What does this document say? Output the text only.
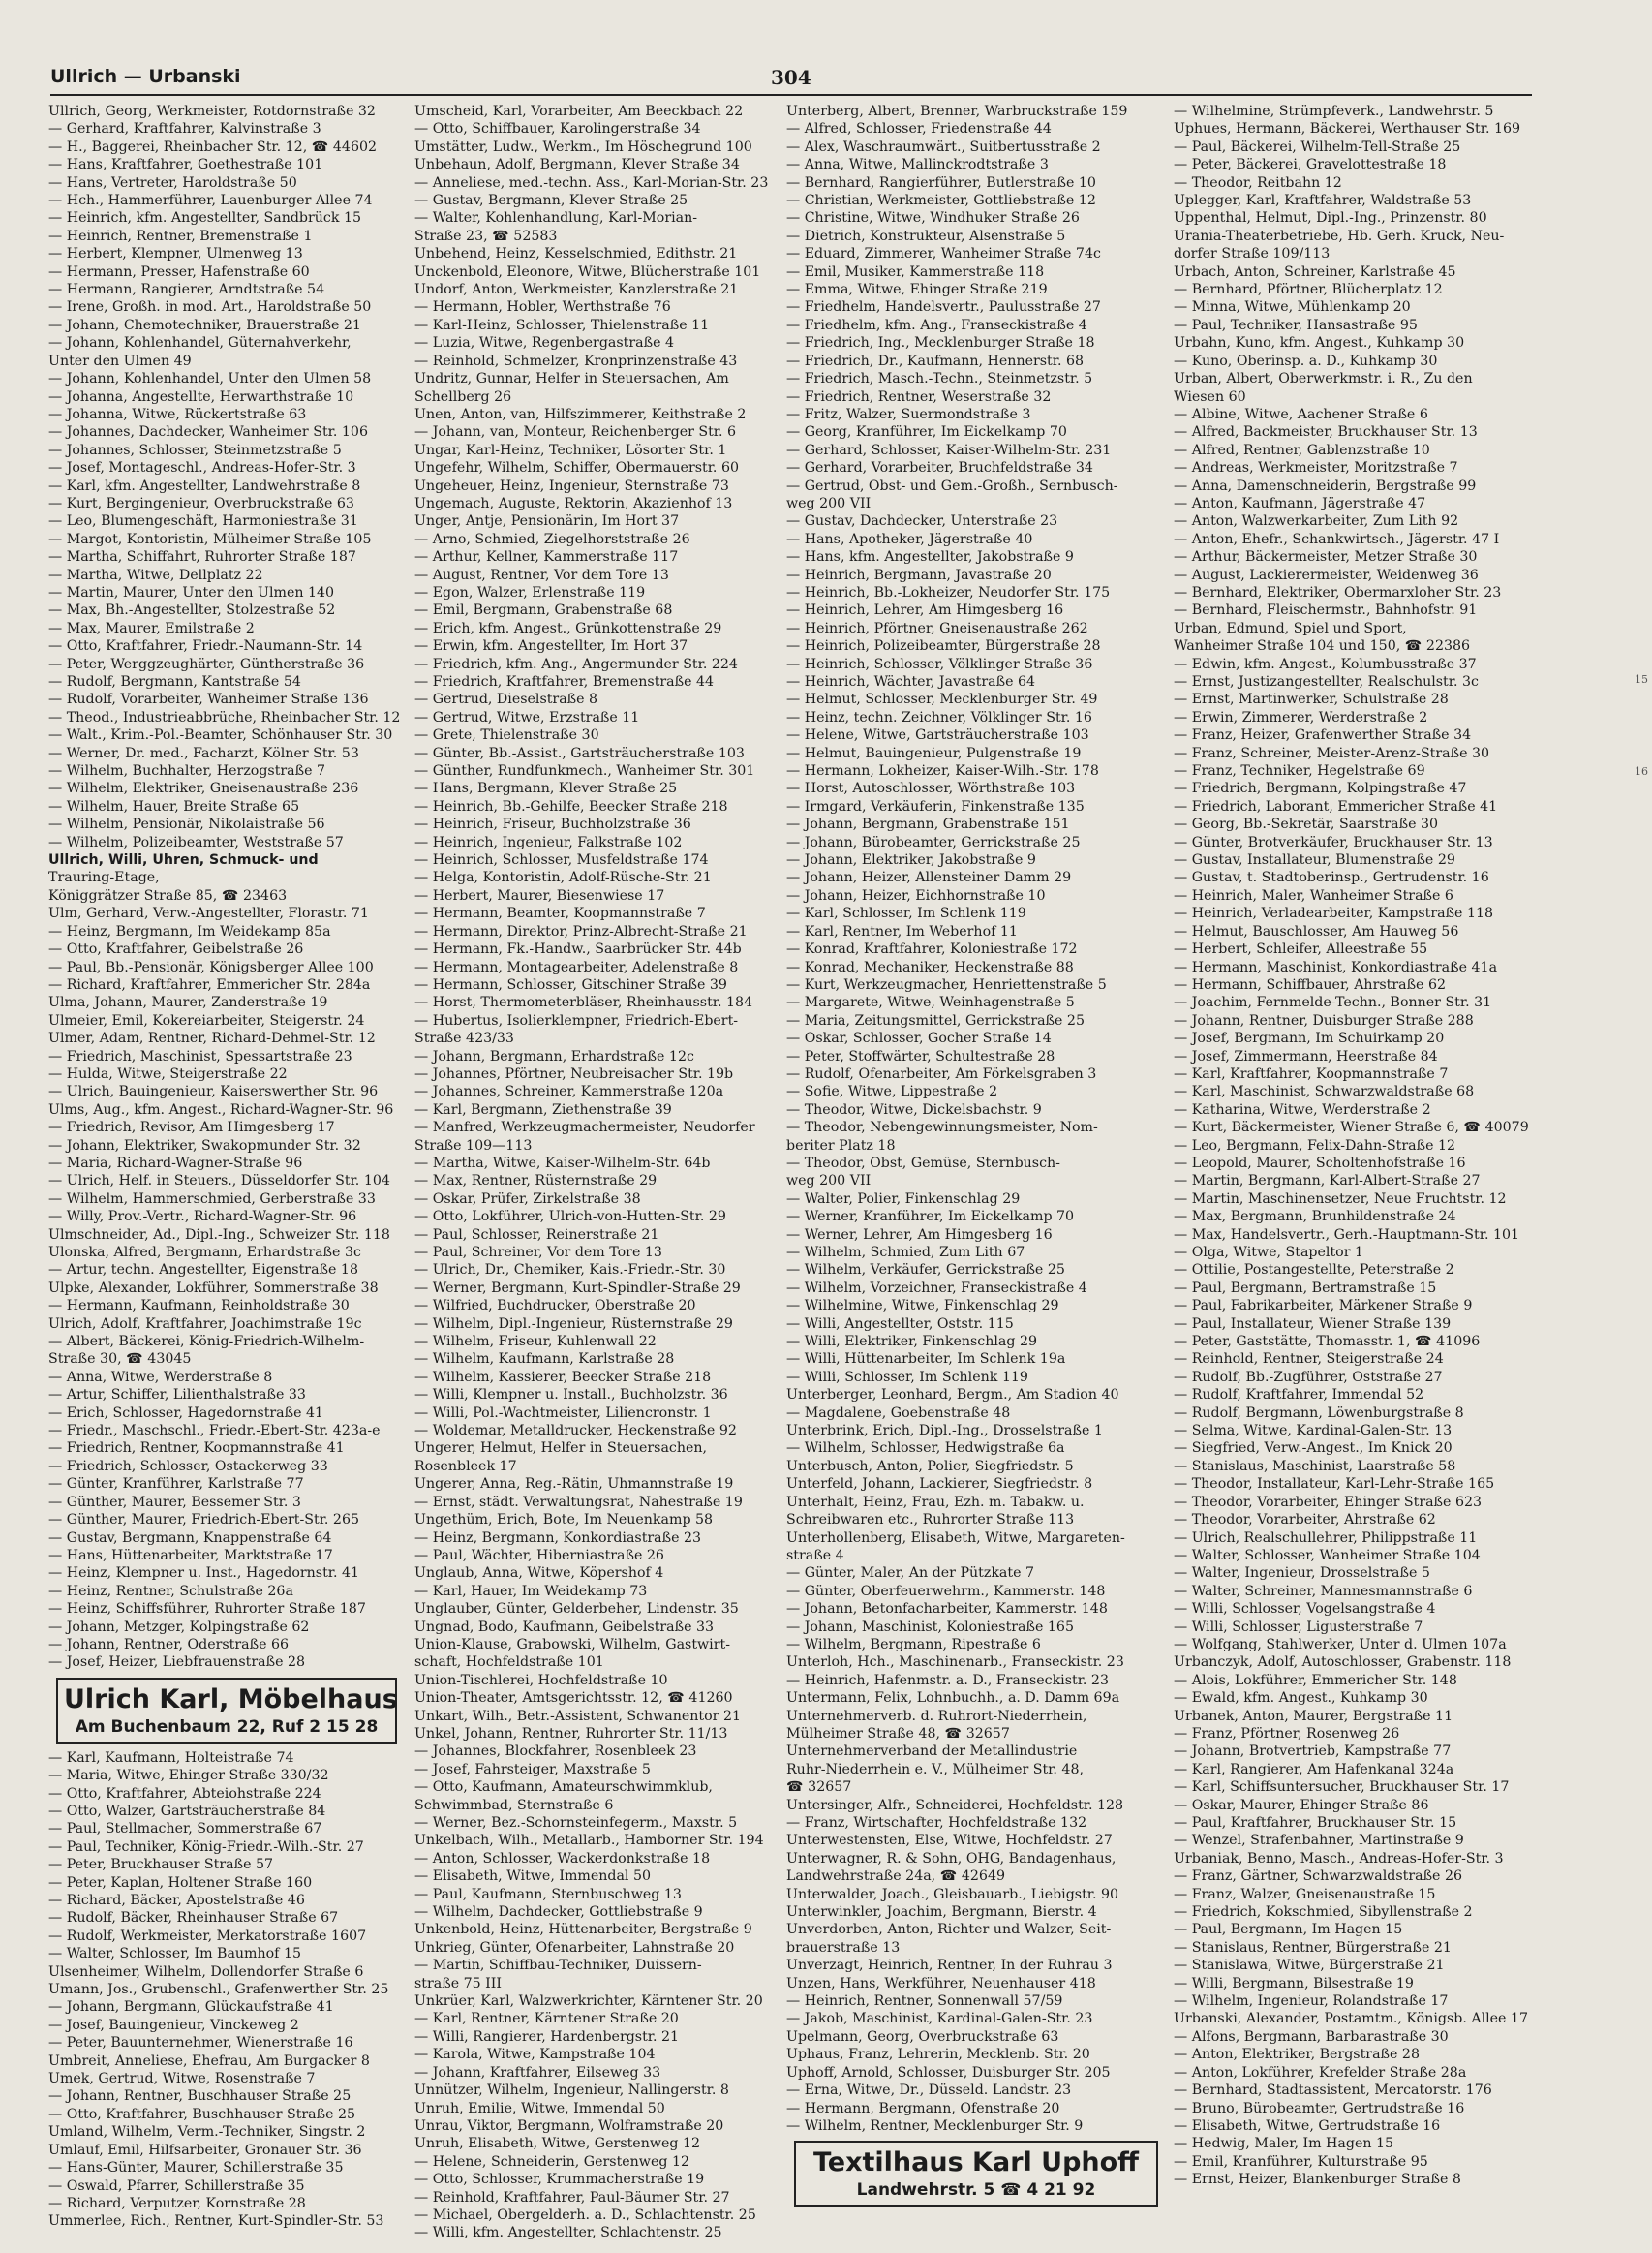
Ullrich — Urbanski	304
Ullrich, Georg, Werkmeister, Rotdornstraße 32
— Gerhard, Kraftfahrer, Kalvinstraße 3
— H., Baggerei, Rheinbacher Str. 12, ☎ 44602
— Hans, Kraftfahrer, Goethestraße 101
— Hans, Vertreter, Haroldstraße 50
— Hch., Hammerführer, Lauenburger Allee 74
— Heinrich, kfm. Angestellter, Sandbrück 15
— Heinrich, Rentner, Bremenstraße 1
— Herbert, Klempner, Ulmenweg 13
— Hermann, Presser, Hafenstraße 60
— Hermann, Rangierer, Arndtstraße 54
— Irene, Großh. in mod. Art., Haroldstraße 50
— Johann, Chemotechniker, Brauerstraße 21
— Johann, Kohlenhandel, Güternahverkehr,
Unter den Ulmen 49
— Johann, Kohlenhandel, Unter den Ulmen 58
— Johanna, Angestellte, Herwarthstraße 10
— Johanna, Witwe, Rückertstraße 63
— Johannes, Dachdecker, Wanheimer Str. 106
— Johannes, Schlosser, Steinmetzstraße 5
— Josef, Montageschl., Andreas-Hofer-Str. 3
— Karl, kfm. Angestellter, Landwehrstraße 8
— Kurt, Bergingenieur, Overbruckstraße 63
— Leo, Blumengeschäft, Harmoniestraße 31
— Margot, Kontoristin, Mülheimer Straße 105
— Martha, Schiffahrt, Ruhrorter Straße 187
— Martha, Witwe, Dellplatz 22
— Martin, Maurer, Unter den Ulmen 140
— Max, Bh.-Angestellter, Stolzestraße 52
— Max, Maurer, Emilstraße 2
— Otto, Kraftfahrer, Friedr.-Naumann-Str. 14
— Peter, Werggzeughärter, Güntherstraße 36
— Rudolf, Bergmann, Kantstraße 54
— Rudolf, Vorarbeiter, Wanheimer Straße 136
— Theod., Industrieabbrüche, Rheinbacher Str. 12
— Walt., Krim.-Pol.-Beamter, Schönhauser Str. 30
— Werner, Dr. med., Facharzt, Kölner Str. 53
— Wilhelm, Buchhalter, Herzogstraße 7
— Wilhelm, Elektriker, Gneisenaustraße 236
— Wilhelm, Hauer, Breite Straße 65
— Wilhelm, Pensionär, Nikolaistraße 56
— Wilhelm, Polizeibeamter, Weststraße 57
Ullrich, Willi, Uhren, Schmuck- und
Trauring-Etage,
Königgrätzer Straße 85, ☎ 23463
Ulm, Gerhard, Verw.-Angestellter, Florastr. 71
— Heinz, Bergmann, Im Weidekamp 85a
— Otto, Kraftfahrer, Geibelstraße 26
— Paul, Bb.-Pensionär, Königsberger Allee 100
— Richard, Kraftfahrer, Emmericher Str. 284a
Ulma, Johann, Maurer, Zanderstraße 19
Ulmeier, Emil, Kokereiarbeiter, Steigerstr. 24
Ulmer, Adam, Rentner, Richard-Dehmel-Str. 12
— Friedrich, Maschinist, Spessartstraße 23
— Hulda, Witwe, Steigerstraße 22
— Ulrich, Bauingenieur, Kaiserswerther Str. 96
Ulms, Aug., kfm. Angest., Richard-Wagner-Str. 96
— Friedrich, Revisor, Am Himgesberg 17
— Johann, Elektriker, Swakopmunder Str. 32
— Maria, Richard-Wagner-Straße 96
— Ulrich, Helf. in Steuers., Düsseldorfer Str. 104
— Wilhelm, Hammerschmied, Gerberstraße 33
— Willy, Prov.-Vertr., Richard-Wagner-Str. 96
Ulmschneider, Ad., Dipl.-Ing., Schweizer Str. 118
Ulonska, Alfred, Bergmann, Erhardstraße 3c
— Artur, techn. Angestellter, Eigenstraße 18
Ulpke, Alexander, Lokführer, Sommerstraße 38
— Hermann, Kaufmann, Reinholdstraße 30
Ulrich, Adolf, Kraftfahrer, Joachimstraße 19c
— Albert, Bäckerei, König-Friedrich-Wilhelm-
Straße 30, ☎ 43045
— Anna, Witwe, Werderstraße 8
— Artur, Schiffer, Lilienthalstraße 33
— Erich, Schlosser, Hagedornstraße 41
— Friedr., Maschschl., Friedr.-Ebert-Str. 423a-e
— Friedrich, Rentner, Koopmannstraße 41
— Friedrich, Schlosser, Ostackerweg 33
— Günter, Kranführer, Karlstraße 77
— Günther, Maurer, Bessemer Str. 3
— Günther, Maurer, Friedrich-Ebert-Str. 265
— Gustav, Bergmann, Knappenstraße 64
— Hans, Hüttenarbeiter, Marktstraße 17
— Heinz, Klempner u. Inst., Hagedornstr. 41
— Heinz, Rentner, Schulstraße 26a
— Heinz, Schiffsführer, Ruhrorter Straße 187
— Johann, Metzger, Kolpingstraße 62
— Johann, Rentner, Oderstraße 66
— Josef, Heizer, Liebfrauenstraße 28
Ulrich Karl, Möbelhaus
Am Buchenbaum 22, Ruf 2 15 28
— Karl, Kaufmann, Holteistraße 74
— Maria, Witwe, Ehinger Straße 330/32
— Otto, Kraftfahrer, Abteiohstraße 224
— Otto, Walzer, Gartsträucherstraße 84
— Paul, Stellmacher, Sommerstraße 67
— Paul, Techniker, König-Friedr.-Wilh.-Str. 27
— Peter, Bruckhauser Straße 57
— Peter, Kaplan, Holtener Straße 160
— Richard, Bäcker, Apostelstraße 46
— Rudolf, Bäcker, Rheinhauser Straße 67
— Rudolf, Werkmeister, Merkatorstraße 1607
— Walter, Schlosser, Im Baumhof 15
Ulsenheimer, Wilhelm, Dollendorfer Straße 6
Umann, Jos., Grubenschl., Grafenwerther Str. 25
— Johann, Bergmann, Glückaufstraße 41
— Josef, Bauingenieur, Vinckeweg 2
— Peter, Bauunternehmer, Wienerstraße 16
Umbreit, Anneliese, Ehefrau, Am Burgacker 8
Umek, Gertrud, Witwe, Rosenstraße 7
— Johann, Rentner, Buschhauser Straße 25
— Otto, Kraftfahrer, Buschhauser Straße 25
Umland, Wilhelm, Verm.-Techniker, Singstr. 2
Umlauf, Emil, Hilfsarbeiter, Gronauer Str. 36
— Hans-Günter, Maurer, Schillerstraße 35
— Oswald, Pfarrer, Schillerstraße 35
— Richard, Verputzer, Kornstraße 28
Ummerlee, Rich., Rentner, Kurt-Spindler-Str. 53
Umscheid, Karl, Vorarbeiter, Am Beeckbach 22
— Otto, Schiffbauer, Karolingerstraße 34
Umstätter, Ludw., Werkm., Im Höschegrund 100
Unbehaun, Adolf, Bergmann, Klever Straße 34
— Anneliese, med.-techn. Ass., Karl-Morian-Str. 23
— Gustav, Bergmann, Klever Straße 25
— Walter, Kohlenhandlung, Karl-Morian-
Straße 23, ☎ 52583
Unbehend, Heinz, Kesselschmied, Edithstr. 21
Unckenbold, Eleonore, Witwe, Blücherstraße 101
Undorf, Anton, Werkmeister, Kanzlerstraße 21
— Hermann, Hobler, Werthstraße 76
— Karl-Heinz, Schlosser, Thielenstraße 11
— Luzia, Witwe, Regenbergastraße 4
— Reinhold, Schmelzer, Kronprinzenstraße 43
Undritz, Gunnar, Helfer in Steuersachen, Am
Schellberg 26
Unen, Anton, van, Hilfszimmerer, Keithstraße 2
— Johann, van, Monteur, Reichenberger Str. 6
Ungar, Karl-Heinz, Techniker, Lösorter Str. 1
Ungefehr, Wilhelm, Schiffer, Obermauerstr. 60
Ungeheuer, Heinz, Ingenieur, Sternstraße 73
Ungemach, Auguste, Rektorin, Akazienhof 13
Unger, Antje, Pensionärin, Im Hort 37
— Arno, Schmied, Ziegelhorststraße 26
— Arthur, Kellner, Kammerstraße 117
— August, Rentner, Vor dem Tore 13
— Egon, Walzer, Erlenstraße 119
— Emil, Bergmann, Grabenstraße 68
— Erich, kfm. Angest., Grünkottenstraße 29
— Erwin, kfm. Angestellter, Im Hort 37
— Friedrich, kfm. Ang., Angermunder Str. 224
— Friedrich, Kraftfahrer, Bremenstraße 44
— Gertrud, Dieselstraße 8
— Gertrud, Witwe, Erzstraße 11
— Grete, Thielenstraße 30
— Günter, Bb.-Assist., Gartsträucherstraße 103
— Günther, Rundfunkmech., Wanheimer Str. 301
— Hans, Bergmann, Klever Straße 25
— Heinrich, Bb.-Gehilfe, Beecker Straße 218
— Heinrich, Friseur, Buchholzstraße 36
— Heinrich, Ingenieur, Falkstraße 102
— Heinrich, Schlosser, Musfeldstraße 174
— Helga, Kontoristin, Adolf-Rüsche-Str. 21
— Herbert, Maurer, Biesenwiese 17
— Hermann, Beamter, Koopmannstraße 7
— Hermann, Direktor, Prinz-Albrecht-Straße 21
— Hermann, Fk.-Handw., Saarbrücker Str. 44b
— Hermann, Montagearbeiter, Adelenstraße 8
— Hermann, Schlosser, Gitschiner Straße 39
— Horst, Thermometerbläser, Rheinhausstr. 184
— Hubertus, Isolierklempner, Friedrich-Ebert-
Straße 423/33
— Johann, Bergmann, Erhardstraße 12c
— Johannes, Pförtner, Neubreisacher Str. 19b
— Johannes, Schreiner, Kammerstraße 120a
— Karl, Bergmann, Ziethenstraße 39
— Manfred, Werkzeugmachermeister, Neudorfer
Straße 109—113
— Martha, Witwe, Kaiser-Wilhelm-Str. 64b
— Max, Rentner, Rüsternstraße 29
— Oskar, Prüfer, Zirkelstraße 38
— Otto, Lokführer, Ulrich-von-Hutten-Str. 29
— Paul, Schlosser, Reinerstraße 21
— Paul, Schreiner, Vor dem Tore 13
— Ulrich, Dr., Chemiker, Kais.-Friedr.-Str. 30
— Werner, Bergmann, Kurt-Spindler-Straße 29
— Wilfried, Buchdrucker, Oberstraße 20
— Wilhelm, Dipl.-Ingenieur, Rüsternstraße 29
— Wilhelm, Friseur, Kuhlenwall 22
— Wilhelm, Kaufmann, Karlstraße 28
— Wilhelm, Kassierer, Beecker Straße 218
— Willi, Klempner u. Install., Buchholzstr. 36
— Willi, Pol.-Wachtmeister, Liliencronstr. 1
— Woldemar, Metalldrucker, Heckenstraße 92
Ungerer, Helmut, Helfer in Steuersachen,
Rosenbleek 17
Ungerer, Anna, Reg.-Rätin, Uhmannstraße 19
— Ernst, städt. Verwaltungsrat, Nahestraße 19
Ungethüm, Erich, Bote, Im Neuenkamp 58
— Heinz, Bergmann, Konkordiastraße 23
— Paul, Wächter, Hiberniastraße 26
Unglaub, Anna, Witwe, Köpershof 4
— Karl, Hauer, Im Weidekamp 73
Unglauber, Günter, Gelderbeher, Lindenstr. 35
Ungnad, Bodo, Kaufmann, Geibelstraße 33
Union-Klause, Grabowski, Wilhelm, Gastwirt-
schaft, Hochfeldstraße 101
Union-Tischlerei, Hochfeldstraße 10
Union-Theater, Amtsgerichtsstr. 12, ☎ 41260
Unkart, Wilh., Betr.-Assistent, Schwanentor 21
Unkel, Johann, Rentner, Ruhrorter Str. 11/13
— Johannes, Blockfahrer, Rosenbleek 23
— Josef, Fahrsteiger, Maxstraße 5
— Otto, Kaufmann, Amateurschwimmklub,
Schwimmbad, Sternstraße 6
— Werner, Bez.-Schornsteinfegerm., Maxstr. 5
Unkelbach, Wilh., Metallarb., Hamborner Str. 194
— Anton, Schlosser, Wackerdonkstraße 18
— Elisabeth, Witwe, Immendal 50
— Paul, Kaufmann, Sternbuschweg 13
— Wilhelm, Dachdecker, Gottliebstraße 9
Unkenbold, Heinz, Hüttenarbeiter, Bergstraße 9
Unkrieg, Günter, Ofenarbeiter, Lahnstraße 20
— Martin, Schiffbau-Techniker, Duissern-
straße 75 III
Unkrüer, Karl, Walzwerkrichter, Kärntener Str. 20
— Karl, Rentner, Kärntener Straße 20
— Willi, Rangierer, Hardenbergstr. 21
— Karola, Witwe, Kampstraße 104
— Johann, Kraftfahrer, Eilseweg 33
Unnützer, Wilhelm, Ingenieur, Nallingerstr. 8
Unruh, Emilie, Witwe, Immendal 50
Unrau, Viktor, Bergmann, Wolframstraße 20
Unruh, Elisabeth, Witwe, Gerstenweg 12
— Helene, Schneiderin, Gerstenweg 12
— Otto, Schlosser, Krummacherstraße 19
— Reinhold, Kraftfahrer, Paul-Bäumer Str. 27
— Michael, Obergelderh. a. D., Schlachtenstr. 25
— Willi, kfm. Angestellter, Schlachtenstr. 25
Unterberg, Albert, Brenner, Warbruckstraße 159
— Alfred, Schlosser, Friedenstraße 44
— Alex, Waschraumwärt., Suitbertusstraße 2
— Anna, Witwe, Mallinckrodtstraße 3
— Bernhard, Rangierführer, Butlerstraße 10
— Christian, Werkmeister, Gottliebstraße 12
— Christine, Witwe, Windhuker Straße 26
— Dietrich, Konstrukteur, Alsenstraße 5
— Eduard, Zimmerer, Wanheimer Straße 74c
— Emil, Musiker, Kammerstraße 118
— Emma, Witwe, Ehinger Straße 219
— Friedhelm, Handelsvertr., Paulusstraße 27
— Friedhelm, kfm. Ang., Franseckistraße 4
— Friedrich, Ing., Mecklenburger Straße 18
— Friedrich, Dr., Kaufmann, Hennerstr. 68
— Friedrich, Masch.-Techn., Steinmetzstr. 5
— Friedrich, Rentner, Weserstraße 32
— Fritz, Walzer, Suermondstraße 3
— Georg, Kranführer, Im Eickelkamp 70
— Gerhard, Schlosser, Kaiser-Wilhelm-Str. 231
— Gerhard, Vorarbeiter, Bruchfeldstraße 34
— Gertrud, Obst- und Gem.-Großh., Sernbusch-
weg 200 VII
— Gustav, Dachdecker, Unterstraße 23
— Hans, Apotheker, Jägerstraße 40
— Hans, kfm. Angestellter, Jakobstraße 9
— Heinrich, Bergmann, Javastraße 20
— Heinrich, Bb.-Lokheizer, Neudorfer Str. 175
— Heinrich, Lehrer, Am Himgesberg 16
— Heinrich, Pförtner, Gneisenaustraße 262
— Heinrich, Polizeibeamter, Bürgerstraße 28
— Heinrich, Schlosser, Völklinger Straße 36
— Heinrich, Wächter, Javastraße 64
— Helmut, Schlosser, Mecklenburger Str. 49
— Heinz, techn. Zeichner, Völklinger Str. 16
— Helene, Witwe, Gartsträucherstraße 103
— Helmut, Bauingenieur, Pulgenstraße 19
— Hermann, Lokheizer, Kaiser-Wilh.-Str. 178
— Horst, Autoschlosser, Wörthstraße 103
— Irmgard, Verkäuferin, Finkenstraße 135
— Johann, Bergmann, Grabenstraße 151
— Johann, Bürobeamter, Gerrickstraße 25
— Johann, Elektriker, Jakobstraße 9
— Johann, Heizer, Allensteiner Damm 29
— Johann, Heizer, Eichhornstraße 10
— Karl, Schlosser, Im Schlenk 119
— Karl, Rentner, Im Weberhof 11
— Konrad, Kraftfahrer, Koloniestraße 172
— Konrad, Mechaniker, Heckenstraße 88
— Kurt, Werkzeugmacher, Henriettenstraße 5
— Margarete, Witwe, Weinhagenstraße 5
— Maria, Zeitungsmittel, Gerrickstraße 25
— Oskar, Schlosser, Gocher Straße 14
— Peter, Stoffwärter, Schultestraße 28
— Rudolf, Ofenarbeiter, Am Förkelsgraben 3
— Sofie, Witwe, Lippestraße 2
— Theodor, Witwe, Dickelsbachstr. 9
— Theodor, Nebengewinnungsmeister, Nom-
beriter Platz 18
— Theodor, Obst, Gemüse, Sternbusch-
weg 200 VII
— Walter, Polier, Finkenschlag 29
— Werner, Kranführer, Im Eickelkamp 70
— Werner, Lehrer, Am Himgesberg 16
— Wilhelm, Schmied, Zum Lith 67
— Wilhelm, Verkäufer, Gerrickstraße 25
— Wilhelm, Vorzeichner, Franseckistraße 4
— Wilhelmine, Witwe, Finkenschlag 29
— Willi, Angestellter, Oststr. 115
— Willi, Elektriker, Finkenschlag 29
— Willi, Hüttenarbeiter, Im Schlenk 19a
— Willi, Schlosser, Im Schlenk 119
Unterberger, Leonhard, Bergm., Am Stadion 40
— Magdalene, Goebenstraße 48
Unterbrink, Erich, Dipl.-Ing., Drosselstraße 1
— Wilhelm, Schlosser, Hedwigstraße 6a
Unterbusch, Anton, Polier, Siegfriedstr. 5
Unterfeld, Johann, Lackierer, Siegfriedstr. 8
Unterhalt, Heinz, Frau, Ezh. m. Tabakw. u.
Schreibwaren etc., Ruhrorter Straße 113
Unterhollenberg, Elisabeth, Witwe, Margareten-
straße 4
— Günter, Maler, An der Pützkate 7
— Günter, Oberfeuerwehrm., Kammerstr. 148
— Johann, Betonfacharbeiter, Kammerstr. 148
— Johann, Maschinist, Koloniestraße 165
— Wilhelm, Bergmann, Ripestraße 6
Unterloh, Hch., Maschinenarb., Franseckistr. 23
— Heinrich, Hafenmstr. a. D., Franseckistr. 23
Untermann, Felix, Lohnbuchh., a. D. Damm 69a
Unternehmerverb. d. Ruhrort-Niederrhein,
Mülheimer Straße 48, ☎ 32657
Unternehmerverband der Metallindustrie
Ruhr-Niederrhein e. V., Mülheimer Str. 48,
☎ 32657
Untersinger, Alfr., Schneiderei, Hochfeldstr. 128
— Franz, Wirtschafter, Hochfeldstraße 132
Unterwestensten, Else, Witwe, Hochfeldstr. 27
Unterwagner, R. & Sohn, OHG, Bandagenhaus,
Landwehrstraße 24a, ☎ 42649
Unterwalder, Joach., Gleisbauarb., Liebigstr. 90
Unterwinkler, Joachim, Bergmann, Bierstr. 4
Unverdorben, Anton, Richter und Walzer, Seit-
brauerstraße 13
Unverzagt, Heinrich, Rentner, In der Ruhrau 3
Unzen, Hans, Werkführer, Neuenhauser 418
— Heinrich, Rentner, Sonnenwall 57/59
— Jakob, Maschinist, Kardinal-Galen-Str. 23
Upelmann, Georg, Overbruckstraße 63
Uphaus, Franz, Lehrerin, Mecklenb. Str. 20
Uphoff, Arnold, Schlosser, Duisburger Str. 205
— Erna, Witwe, Dr., Düsseld. Landstr. 23
— Hermann, Bergmann, Ofenstraße 20
— Wilhelm, Rentner, Mecklenburger Str. 9
Textilhaus Karl Uphoff
Landwehrstr. 5 ☎ 4 21 92
— Wilhelmine, Strümpfeverk., Landwehrstr. 5
Uphues, Hermann, Bäckerei, Werthauser Str. 169
— Paul, Bäckerei, Wilhelm-Tell-Straße 25
— Peter, Bäckerei, Gravelottestraße 18
— Theodor, Reitbahn 12
Uplegger, Karl, Kraftfahrer, Waldstraße 53
Uppenthal, Helmut, Dipl.-Ing., Prinzenstr. 80
Urania-Theaterbetriebe, Hb. Gerh. Kruck, Neu-
dorfer Straße 109/113
Urbach, Anton, Schreiner, Karlstraße 45
— Bernhard, Pförtner, Blücherplatz 12
— Minna, Witwe, Mühlenkamp 20
— Paul, Techniker, Hansastraße 95
Urbahn, Kuno, kfm. Angest., Kuhkamp 30
— Kuno, Oberinsp. a. D., Kuhkamp 30
Urban, Albert, Oberwerkmstr. i. R., Zu den
Wiesen 60
— Albine, Witwe, Aachener Straße 6
— Alfred, Backmeister, Bruckhauser Str. 13
— Alfred, Rentner, Gablenzstraße 10
— Andreas, Werkmeister, Moritzstraße 7
— Anna, Damenschneiderin, Bergstraße 99
— Anton, Kaufmann, Jägerstraße 47
— Anton, Walzwerkarbeiter, Zum Lith 92
— Anton, Ehefr., Schankwirtsch., Jägerstr. 47 I
— Arthur, Bäckermeister, Metzer Straße 30
— August, Lackierermeister, Weidenweg 36
— Bernhard, Elektriker, Obermarxloher Str. 23
— Bernhard, Fleischermstr., Bahnhofstr. 91
Urban, Edmund, Spiel und Sport,
Wanheimer Straße 104 und 150, ☎ 22386
— Edwin, kfm. Angest., Kolumbusstraße 37
— Ernst, Justizangestellter, Realschulstr. 3c
— Ernst, Martinwerker, Schulstraße 28
— Erwin, Zimmerer, Werderstraße 2
— Franz, Heizer, Grafenwerther Straße 34
— Franz, Schreiner, Meister-Arenz-Straße 30
— Franz, Techniker, Hegelstraße 69
— Friedrich, Bergmann, Kolpingstraße 47
— Friedrich, Laborant, Emmericher Straße 41
— Georg, Bb.-Sekretär, Saarstraße 30
— Günter, Brotverkäufer, Bruckhauser Str. 13
— Gustav, Installateur, Blumenstraße 29
— Gustav, t. Stadtoberinsp., Gertrudenstr. 16
— Heinrich, Maler, Wanheimer Straße 6
— Heinrich, Verladearbeiter, Kampstraße 118
— Helmut, Bauschlosser, Am Hauweg 56
— Herbert, Schleifer, Alleestraße 55
— Hermann, Maschinist, Konkordiastraße 41a
— Hermann, Schiffbauer, Ahrstraße 62
— Joachim, Fernmelde-Techn., Bonner Str. 31
— Johann, Rentner, Duisburger Straße 288
— Josef, Bergmann, Im Schuirkamp 20
— Josef, Zimmermann, Heerstraße 84
— Karl, Kraftfahrer, Koopmannstraße 7
— Karl, Maschinist, Schwarzwaldstraße 68
— Katharina, Witwe, Werderstraße 2
— Kurt, Bäckermeister, Wiener Straße 6, ☎ 40079
— Leo, Bergmann, Felix-Dahn-Straße 12
— Leopold, Maurer, Scholtenhofstraße 16
— Martin, Bergmann, Karl-Albert-Straße 27
— Martin, Maschinensetzer, Neue Fruchtstr. 12
— Max, Bergmann, Brunhildenstraße 24
— Max, Handelsvertr., Gerh.-Hauptmann-Str. 101
— Olga, Witwe, Stapeltor 1
— Ottilie, Postangestellte, Peterstraße 2
— Paul, Bergmann, Bertramstraße 15
— Paul, Fabrikarbeiter, Märkener Straße 9
— Paul, Installateur, Wiener Straße 139
— Peter, Gaststätte, Thomasstr. 1, ☎ 41096
— Reinhold, Rentner, Steigerstraße 24
— Rudolf, Bb.-Zugführer, Oststraße 27
— Rudolf, Kraftfahrer, Immendal 52
— Rudolf, Bergmann, Löwenburgstraße 8
— Selma, Witwe, Kardinal-Galen-Str. 13
— Siegfried, Verw.-Angest., Im Knick 20
— Stanislaus, Maschinist, Laarstraße 58
— Theodor, Installateur, Karl-Lehr-Straße 165
— Theodor, Vorarbeiter, Ehinger Straße 623
— Theodor, Vorarbeiter, Ahrstraße 62
— Ulrich, Realschullehrer, Philippstraße 11
— Walter, Schlosser, Wanheimer Straße 104
— Walter, Ingenieur, Drosselstraße 5
— Walter, Schreiner, Mannesmannstraße 6
— Willi, Schlosser, Vogelsangstraße 4
— Willi, Schlosser, Ligusterstraße 7
— Wolfgang, Stahlwerker, Unter d. Ulmen 107a
Urbanczyk, Adolf, Autoschlosser, Grabenstr. 118
— Alois, Lokführer, Emmericher Str. 148
— Ewald, kfm. Angest., Kuhkamp 30
Urbanek, Anton, Maurer, Bergstraße 11
— Franz, Pförtner, Rosenweg 26
— Johann, Brotvertrieb, Kampstraße 77
— Karl, Rangierer, Am Hafenkanal 324a
— Karl, Schiffsuntersucher, Bruckhauser Str. 17
— Oskar, Maurer, Ehinger Straße 86
— Paul, Kraftfahrer, Bruckhauser Str. 15
— Wenzel, Strafenbahner, Martinstraße 9
Urbaniak, Benno, Masch., Andreas-Hofer-Str. 3
— Franz, Gärtner, Schwarzwaldstraße 26
— Franz, Walzer, Gneisenaustraße 15
— Friedrich, Kokschmied, Sibyllenstraße 2
— Paul, Bergmann, Im Hagen 15
— Stanislaus, Rentner, Bürgerstraße 21
— Stanislawa, Witwe, Bürgerstraße 21
— Willi, Bergmann, Bilsestraße 19
— Wilhelm, Ingenieur, Rolandstraße 17
Urbanski, Alexander, Postamtm., Königsb. Allee 17
— Alfons, Bergmann, Barbarastraße 30
— Anton, Elektriker, Bergstraße 28
— Anton, Lokführer, Krefelder Straße 28a
— Bernhard, Stadtassistent, Mercatorstr. 176
— Bruno, Bürobeamter, Gertrudstraße 16
— Elisabeth, Witwe, Gertrudstraße 16
— Hedwig, Maler, Im Hagen 15
— Emil, Kranführer, Kulturstraße 95
— Ernst, Heizer, Blankenburger Straße 8
15
16
